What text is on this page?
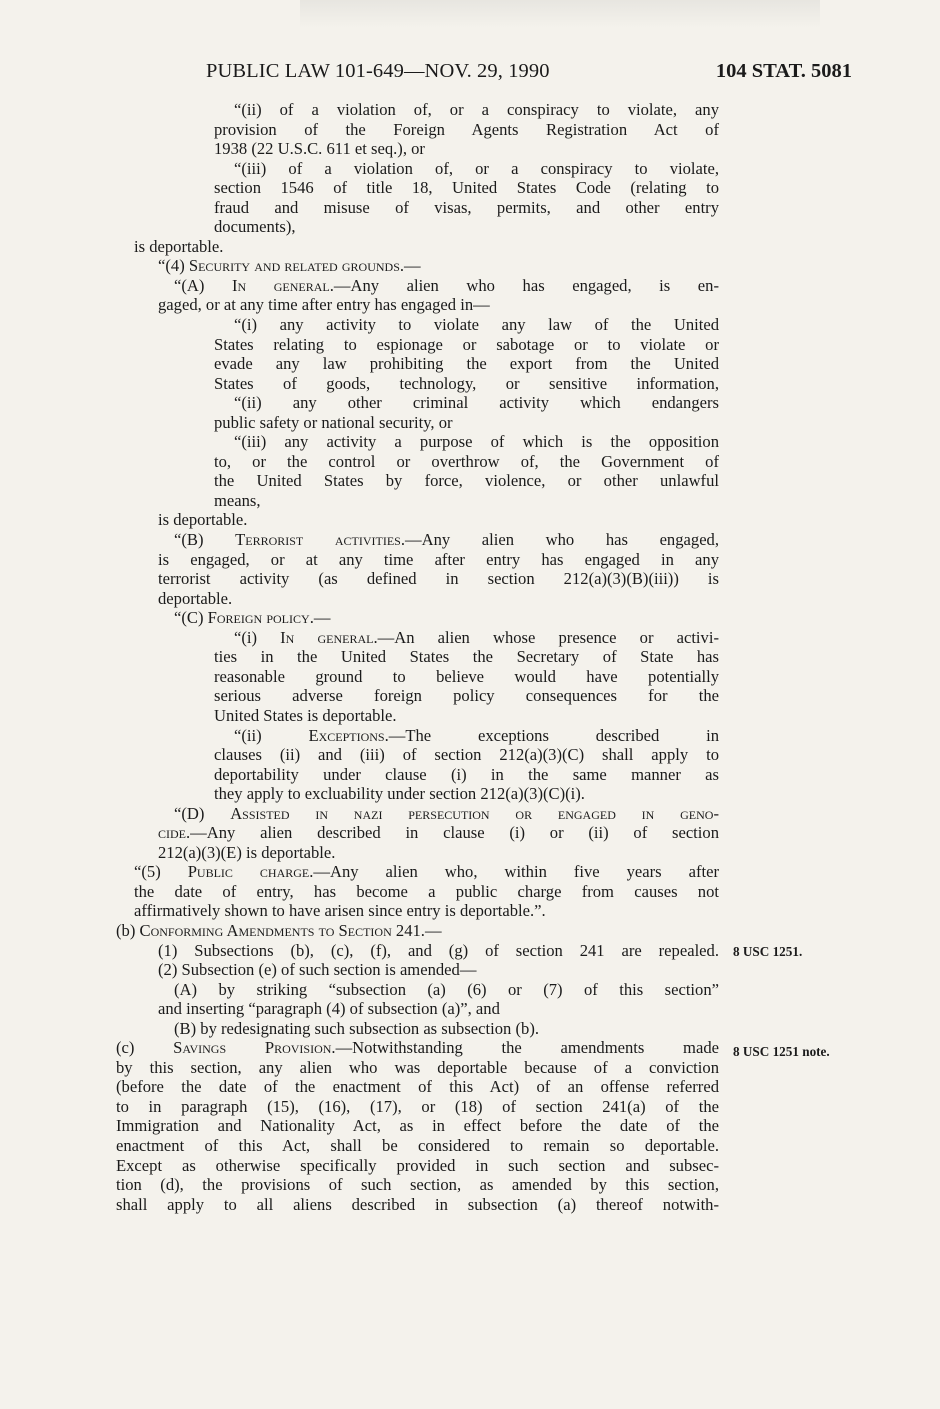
PUBLIC LAW 101-649—NOV. 29, 1990	104 STAT. 5081
“(ii) of a violation of, or a conspiracy to violate, any
provision of the Foreign Agents Registration Act of
1938 (22 U.S.C. 611 et seq.), or
“(iii) of a violation of, or a conspiracy to violate,
section 1546 of title 18, United States Code (relating to
fraud and misuse of visas, permits, and other entry
documents),
is deportable.
“(4) Security and related grounds.—
“(A) In general.—Any alien who has engaged, is en-
gaged, or at any time after entry has engaged in—
“(i) any activity to violate any law of the United
States relating to espionage or sabotage or to violate or
evade any law prohibiting the export from the United
States of goods, technology, or sensitive information,
“(ii) any other criminal activity which endangers
public safety or national security, or
“(iii) any activity a purpose of which is the opposition
to, or the control or overthrow of, the Government of
the United States by force, violence, or other unlawful
means,
is deportable.
“(B) Terrorist activities.—Any alien who has engaged,
is engaged, or at any time after entry has engaged in any
terrorist activity (as defined in section 212(a)(3)(B)(iii)) is
deportable.
“(C) Foreign policy.—
“(i) In general.—An alien whose presence or activi-
ties in the United States the Secretary of State has
reasonable ground to believe would have potentially
serious adverse foreign policy consequences for the
United States is deportable.
“(ii) Exceptions.—The exceptions described in
clauses (ii) and (iii) of section 212(a)(3)(C) shall apply to
deportability under clause (i) in the same manner as
they apply to excluability under section 212(a)(3)(C)(i).
“(D) Assisted in nazi persecution or engaged in geno-
cide.—Any alien described in clause (i) or (ii) of section
212(a)(3)(E) is deportable.
“(5) Public charge.—Any alien who, within five years after
the date of entry, has become a public charge from causes not
affirmatively shown to have arisen since entry is deportable.”.
(b) Conforming Amendments to Section 241.—
(1) Subsections (b), (c), (f), and (g) of section 241 are repealed.
(2) Subsection (e) of such section is amended—
(A) by striking “subsection (a) (6) or (7) of this section”
and inserting “paragraph (4) of subsection (a)”, and
(B) by redesignating such subsection as subsection (b).
(c) Savings Provision.—Notwithstanding the amendments made
by this section, any alien who was deportable because of a conviction
(before the date of the enactment of this Act) of an offense referred
to in paragraph (15), (16), (17), or (18) of section 241(a) of the
Immigration and Nationality Act, as in effect before the date of the
enactment of this Act, shall be considered to remain so deportable.
Except as otherwise specifically provided in such section and subsec-
tion (d), the provisions of such section, as amended by this section,
shall apply to all aliens described in subsection (a) thereof notwith-
8 USC 1251.
8 USC 1251 note.
